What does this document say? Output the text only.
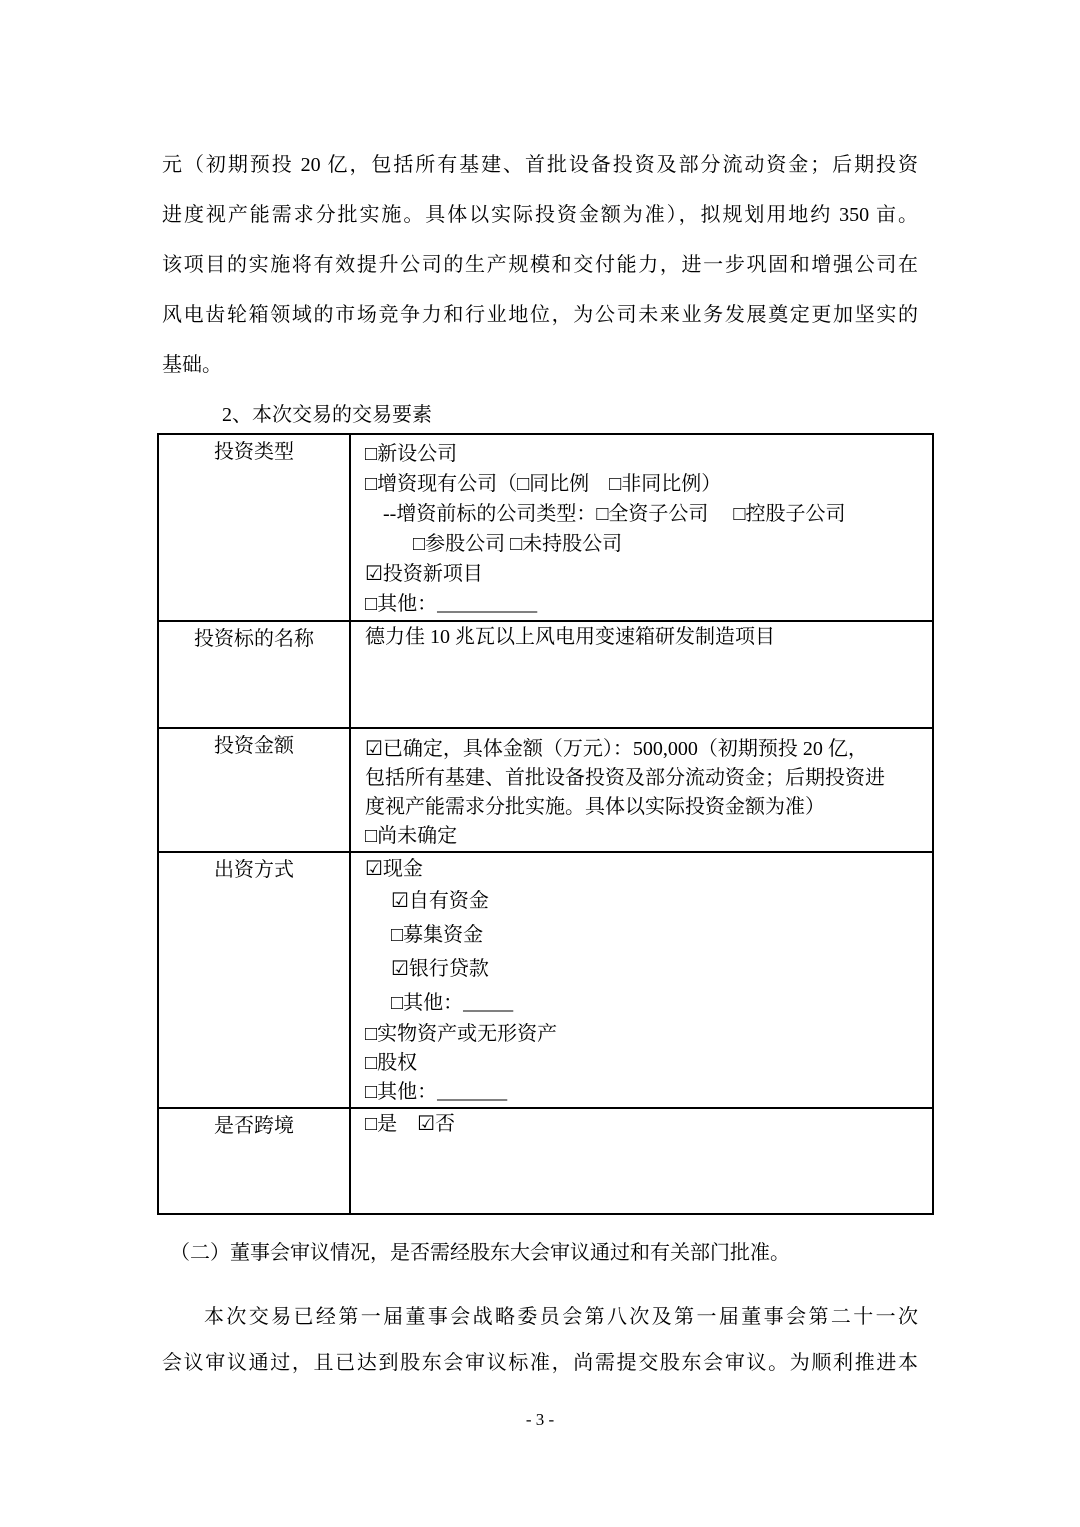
元（初期预投 20 亿，包括所有基建、首批设备投资及部分流动资金；后期投资
进度视产能需求分批实施。具体以实际投资金额为准），拟规划用地约 350 亩。
该项目的实施将有效提升公司的生产规模和交付能力，进一步巩固和增强公司在
风电齿轮箱领域的市场竞争力和行业地位，为公司未来业务发展奠定更加坚实的
基础。
2、本次交易的交易要素
投资类型	□新设公司
□增资现有公司（□同比例　□非同比例）
--增资前标的公司类型：□全资子公司　 □控股子公司
□参股公司 □未持股公司
☑投资新项目
□其他：__________

投资标的名称	德力佳 10 兆瓦以上风电用变速箱研发制造项目

投资金额	☑已确定，具体金额（万元）：500,000（初期预投 20 亿，
包括所有基建、首批设备投资及部分流动资金；后期投资进
度视产能需求分批实施。具体以实际投资金额为准）
□尚未确定

出资方式	☑现金
☑自有资金
□募集资金
☑银行贷款
□其他：_____
□实物资产或无形资产
□股权
□其他：_______

是否跨境	□是　☑否
（二）董事会审议情况，是否需经股东大会审议通过和有关部门批准。
本次交易已经第一届董事会战略委员会第八次及第一届董事会第二十一次
会议审议通过，且已达到股东会审议标准，尚需提交股东会审议。为顺利推进本
- 3 -
